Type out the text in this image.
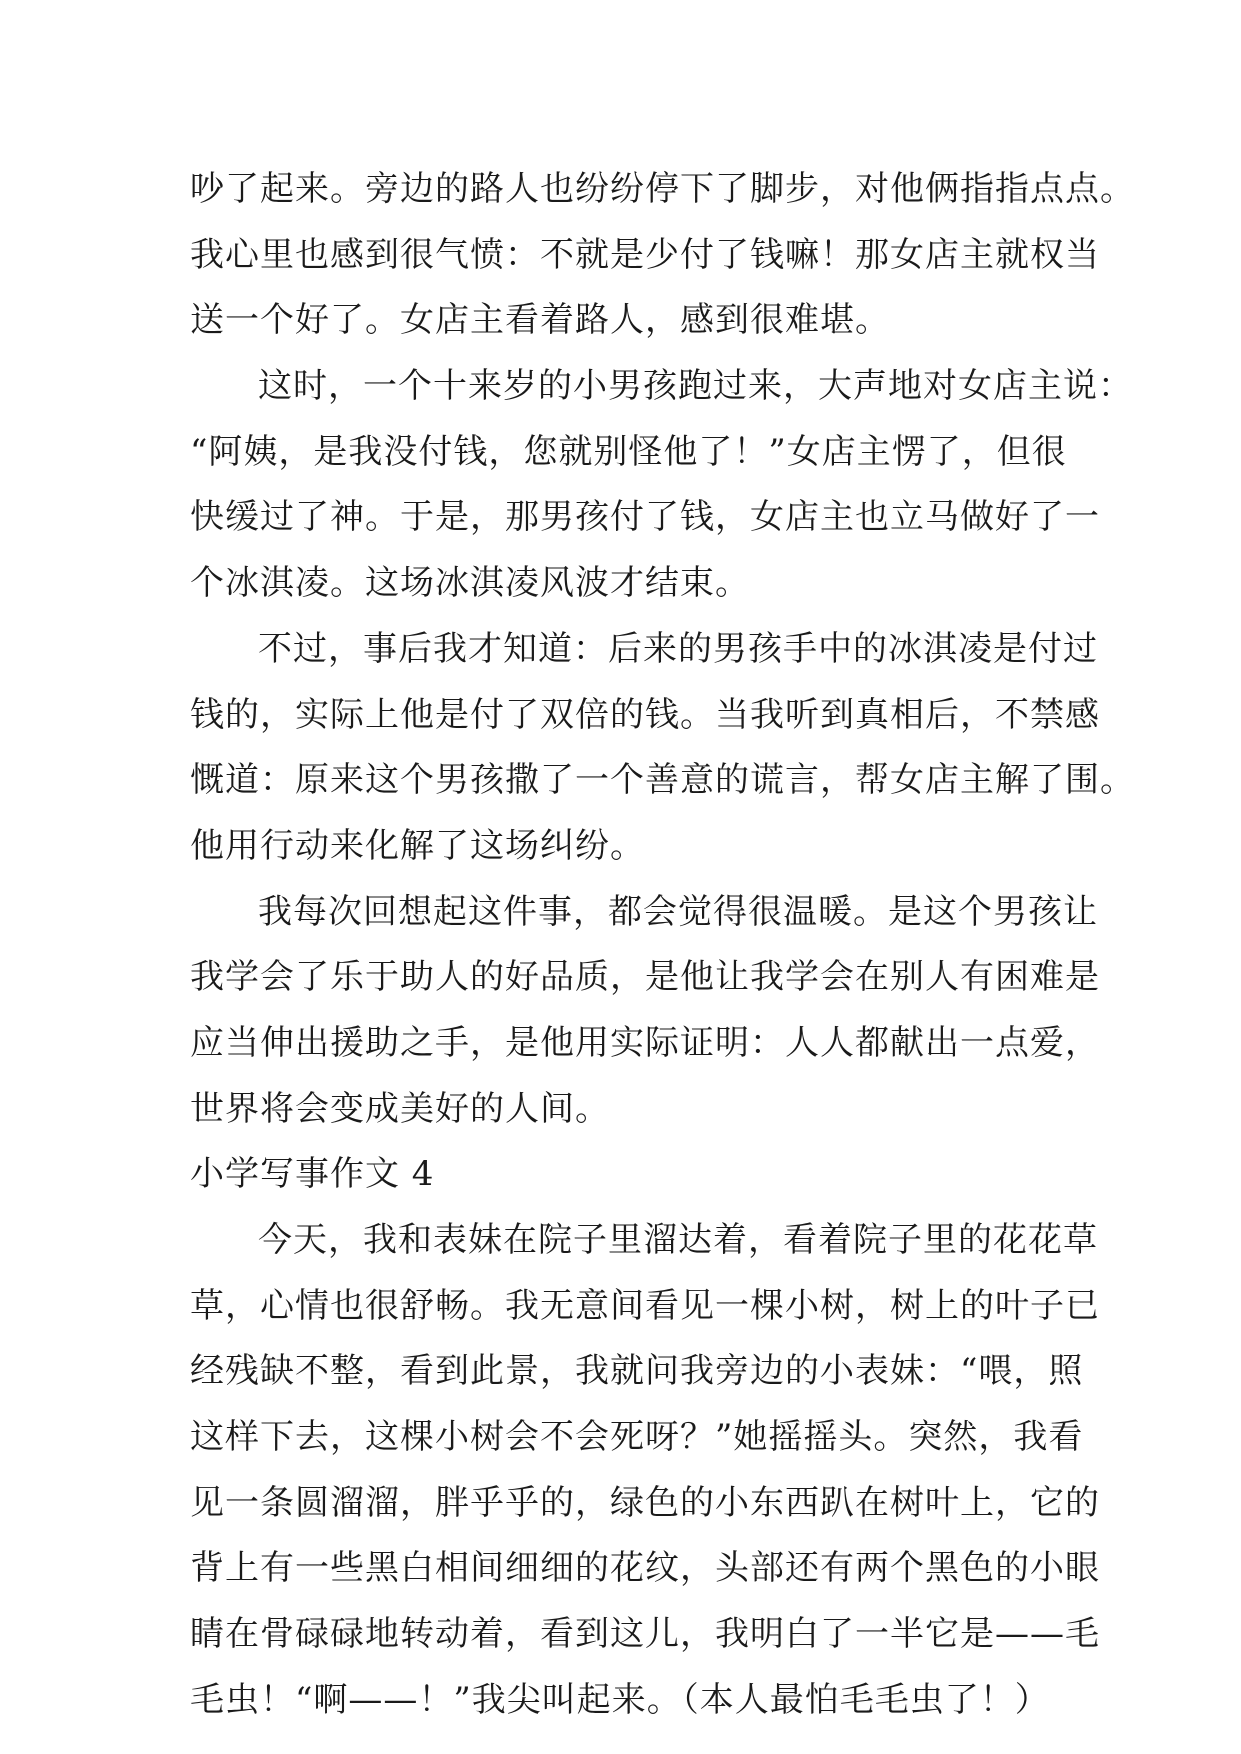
吵了起来。旁边的路人也纷纷停下了脚步，对他俩指指点点。
我心里也感到很气愤：不就是少付了钱嘛！那女店主就权当
送一个好了。女店主看着路人，感到很难堪。
这时，一个十来岁的小男孩跑过来，大声地对女店主说：
“阿姨，是我没付钱，您就别怪他了！”女店主愣了，但很
快缓过了神。于是，那男孩付了钱，女店主也立马做好了一
个冰淇凌。这场冰淇凌风波才结束。
不过，事后我才知道：后来的男孩手中的冰淇凌是付过
钱的，实际上他是付了双倍的钱。当我听到真相后，不禁感
慨道：原来这个男孩撒了一个善意的谎言，帮女店主解了围。
他用行动来化解了这场纠纷。
我每次回想起这件事，都会觉得很温暖。是这个男孩让
我学会了乐于助人的好品质，是他让我学会在别人有困难是
应当伸出援助之手，是他用实际证明：人人都献出一点爱，
世界将会变成美好的人间。
小学写事作文 4
今天，我和表妹在院子里溜达着，看着院子里的花花草
草，心情也很舒畅。我无意间看见一棵小树，树上的叶子已
经残缺不整，看到此景，我就问我旁边的小表妹：“喂，照
这样下去，这棵小树会不会死呀？”她摇摇头。突然，我看
见一条圆溜溜，胖乎乎的，绿色的小东西趴在树叶上，它的
背上有一些黑白相间细细的花纹，头部还有两个黑色的小眼
睛在骨碌碌地转动着，看到这儿，我明白了一半它是——毛
毛虫！“啊——！”我尖叫起来。（本人最怕毛毛虫了！）
